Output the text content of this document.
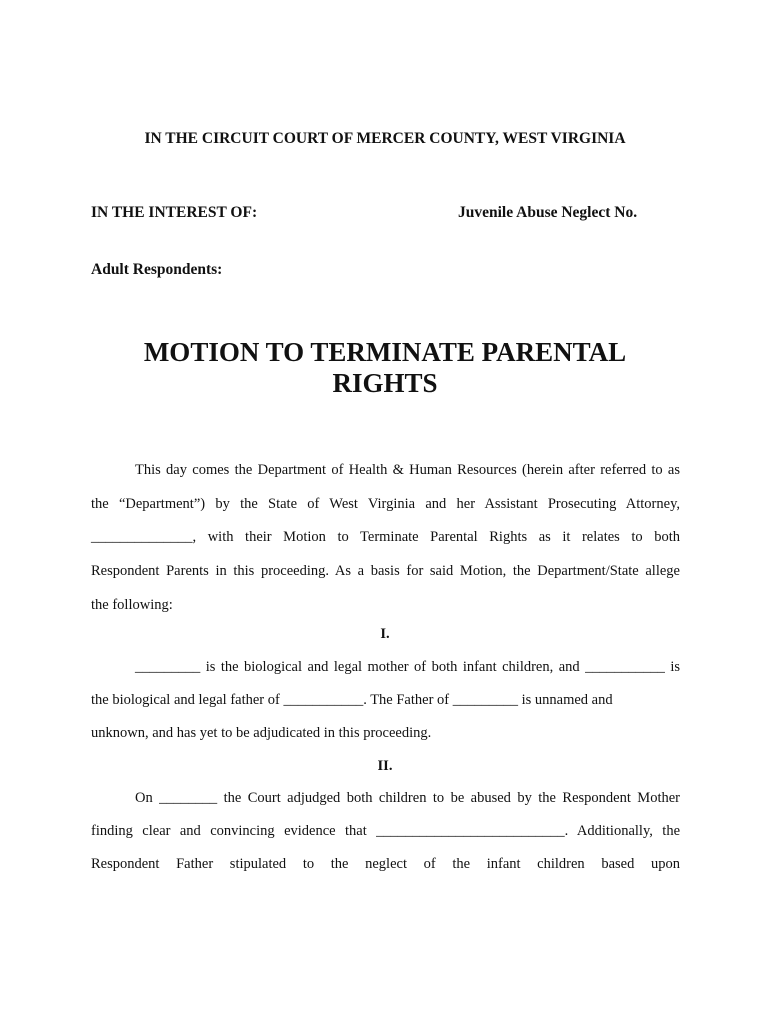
IN THE CIRCUIT COURT OF MERCER COUNTY, WEST VIRGINIA
IN THE INTEREST OF:	Juvenile Abuse Neglect No.
Adult Respondents:
MOTION TO TERMINATE PARENTAL
RIGHTS
This day comes the Department of Health & Human Resources (herein after referred to as
the “Department”) by the State of West Virginia and her Assistant Prosecuting Attorney,
______________, with their Motion to Terminate Parental Rights as it relates to both
Respondent Parents in this proceeding. As a basis for said Motion, the Department/State allege
the following:
I.
_________ is the biological and legal mother of both infant children, and ___________ is
the biological and legal father of ___________. The Father of _________ is unnamed and
unknown, and has yet to be adjudicated in this proceeding.
II.
On ________ the Court adjudged both children to be abused by the Respondent Mother
finding clear and convincing evidence that __________________________. Additionally, the
Respondent Father stipulated to the neglect of the infant children based upon
